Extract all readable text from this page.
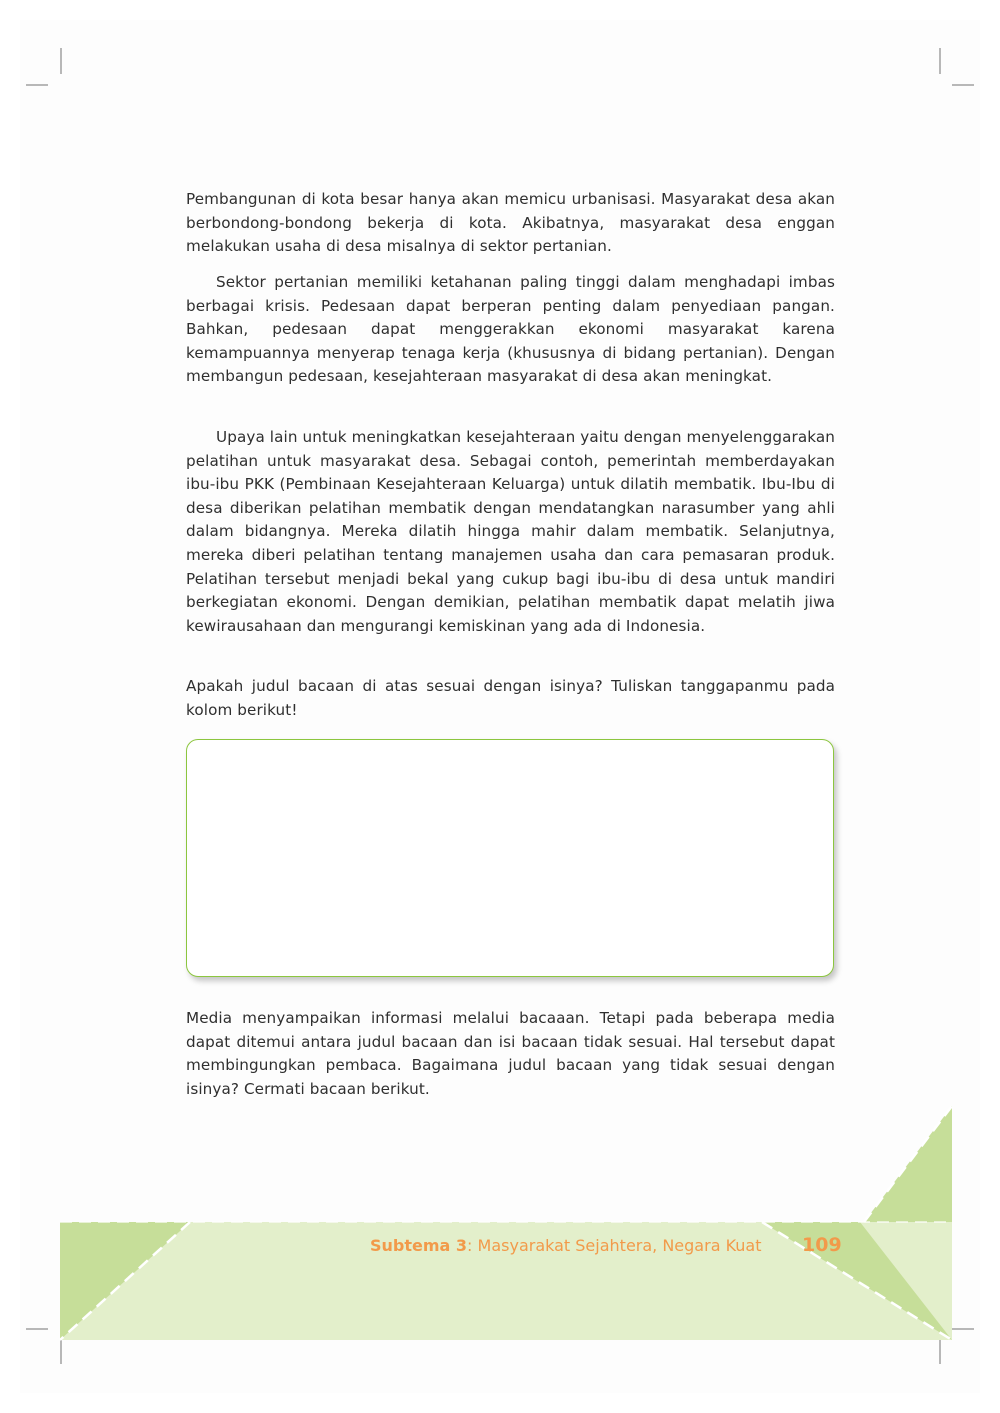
Pembangunan di kota besar hanya akan memicu urbanisasi. Masyarakat desa akan berbondong-bondong bekerja di kota. Akibatnya, masyarakat desa enggan melakukan usaha di desa misalnya di sektor pertanian.

Sektor pertanian memiliki ketahanan paling tinggi dalam menghadapi imbas berbagai krisis. Pedesaan dapat berperan penting dalam penyediaan pangan. Bahkan, pedesaan dapat menggerakkan ekonomi masyarakat karena kemampuannya menyerap tenaga kerja (khususnya di bidang pertanian). Dengan membangun pedesaan, kesejahteraan masyarakat di desa akan meningkat.

Upaya lain untuk meningkatkan kesejahteraan yaitu dengan menyelenggarakan pelatihan untuk masyarakat desa. Sebagai contoh, pemerintah memberdayakan ibu-ibu PKK (Pembinaan Kesejahteraan Keluarga) untuk dilatih membatik. Ibu-Ibu di desa diberikan pelatihan membatik dengan mendatangkan narasumber yang ahli dalam bidangnya. Mereka dilatih hingga mahir dalam membatik. Selanjutnya, mereka diberi pelatihan tentang manajemen usaha dan cara pemasaran produk. Pelatihan tersebut menjadi bekal yang cukup bagi ibu-ibu di desa untuk mandiri berkegiatan ekonomi. Dengan demikian, pelatihan membatik dapat melatih jiwa kewirausahaan dan mengurangi kemiskinan yang ada di Indonesia.

Apakah judul bacaan di atas sesuai dengan isinya? Tuliskan tanggapanmu pada kolom berikut!

Media menyampaikan informasi melalui bacaaan. Tetapi pada beberapa media dapat ditemui antara judul bacaan dan isi bacaan tidak sesuai. Hal tersebut dapat membingungkan pembaca. Bagaimana judul bacaan yang tidak sesuai dengan isinya? Cermati bacaan berikut.

Subtema 3: Masyarakat Sejahtera, Negara Kuat	109
